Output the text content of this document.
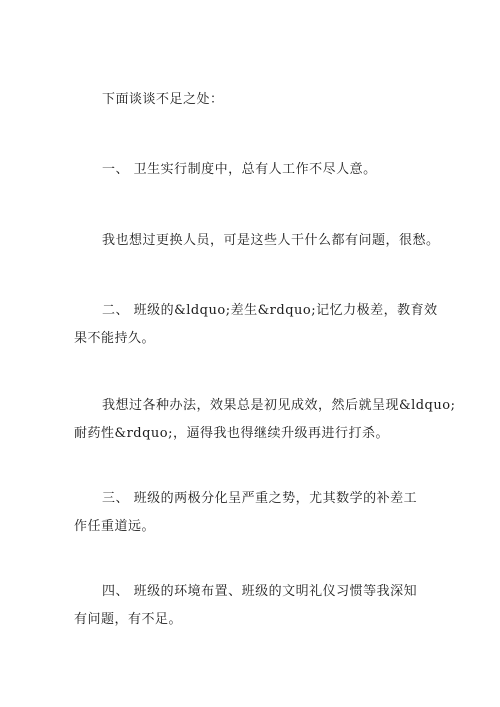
下面谈谈不足之处：
一、 卫生实行制度中，总有人工作不尽人意。
我也想过更换人员，可是这些人干什么都有问题，很愁。
二、 班级的&ldquo;差生&rdquo;记忆力极差，教育效
果不能持久。
我想过各种办法，效果总是初见成效，然后就呈现&ldquo;
耐药性&rdquo;，逼得我也得继续升级再进行打杀。
三、 班级的两极分化呈严重之势，尤其数学的补差工
作任重道远。
四、 班级的环境布置、班级的文明礼仪习惯等我深知
有问题，有不足。
